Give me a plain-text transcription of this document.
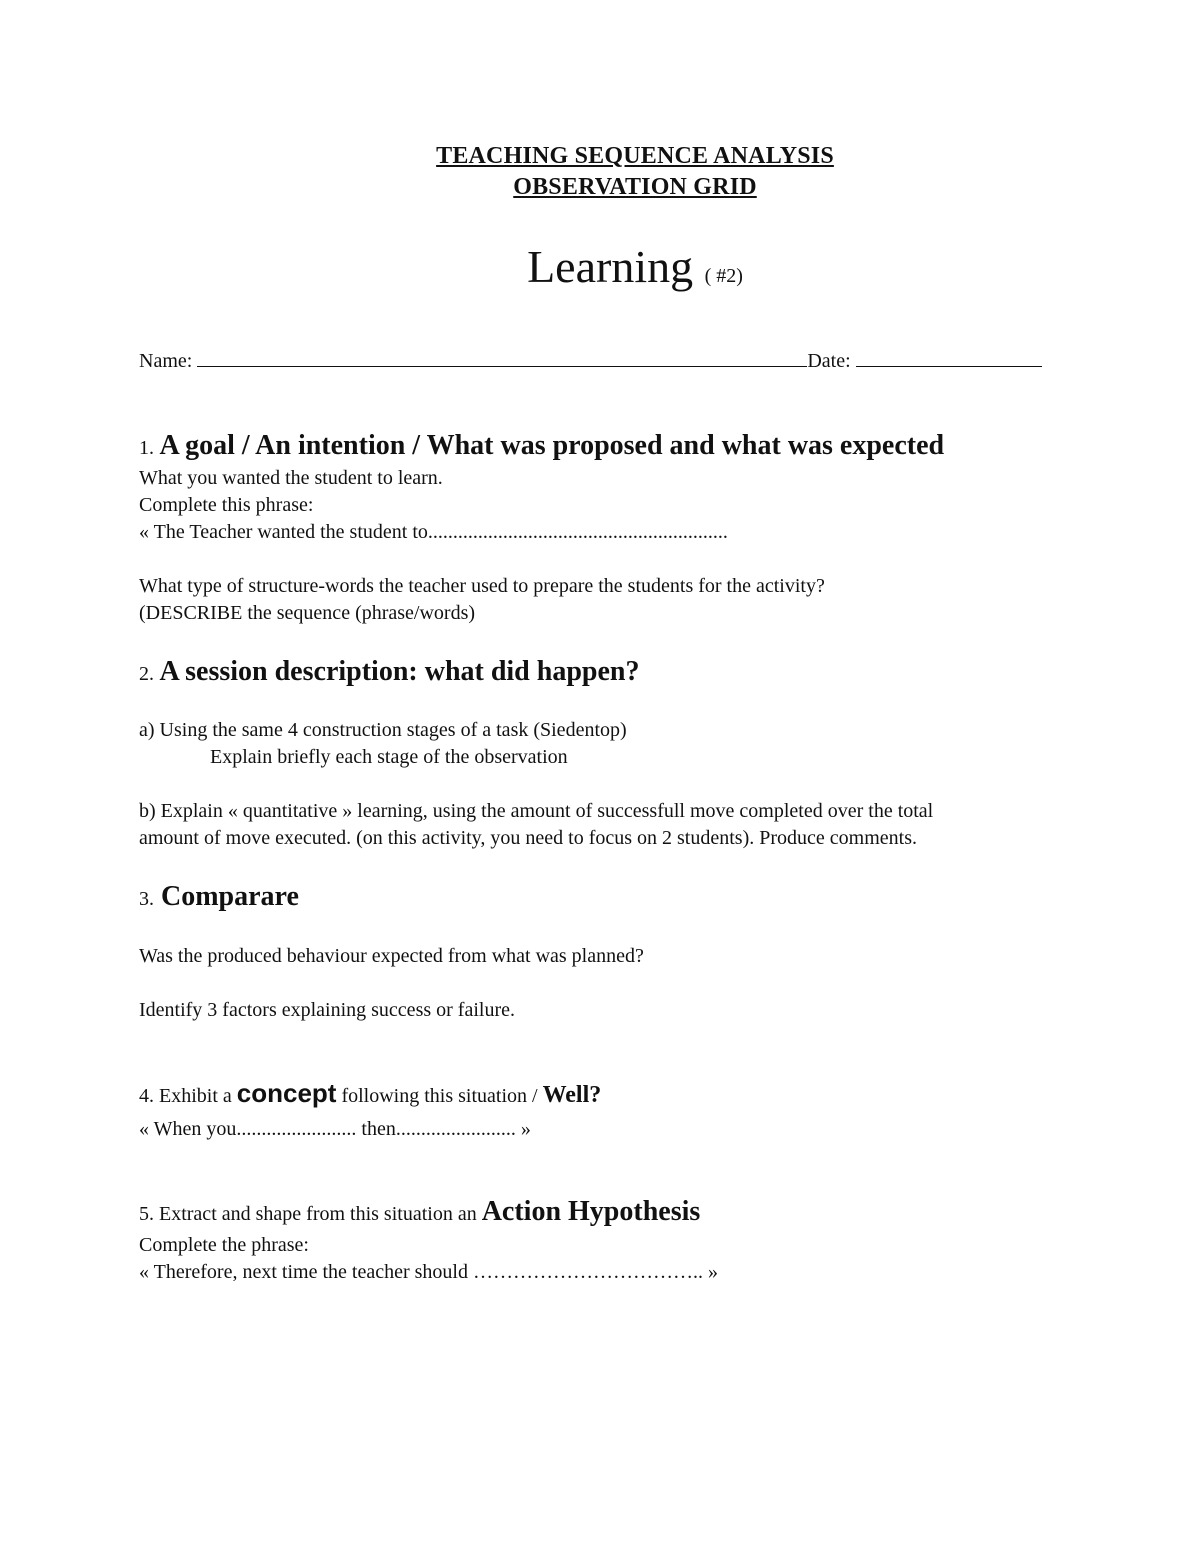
TEACHING SEQUENCE ANALYSIS
OBSERVATION GRID
Learning ( #2)
Name:	Date:
1. A goal / An intention / What was proposed and what was expected
What you wanted the student to learn.
Complete this phrase:
« The Teacher wanted the student to............................................................
What type of structure-words the teacher used to prepare the students for the activity?
(DESCRIBE the sequence (phrase/words)
2. A session description: what did happen?
a) Using the same 4 construction stages of a task (Siedentop)
Explain briefly each stage of the observation
b) Explain « quantitative » learning, using the amount of successfull move completed over the total
amount of move executed. (on this activity, you need to focus on 2 students). Produce comments.
3. Comparare
Was the produced behaviour expected from what was planned?
Identify 3 factors explaining success or failure.
4. Exhibit a concept following this situation / Well?
« When you........................ then........................ »
5. Extract and shape from this situation an Action Hypothesis
Complete the phrase:
« Therefore, next time the teacher should …………………………….. »
